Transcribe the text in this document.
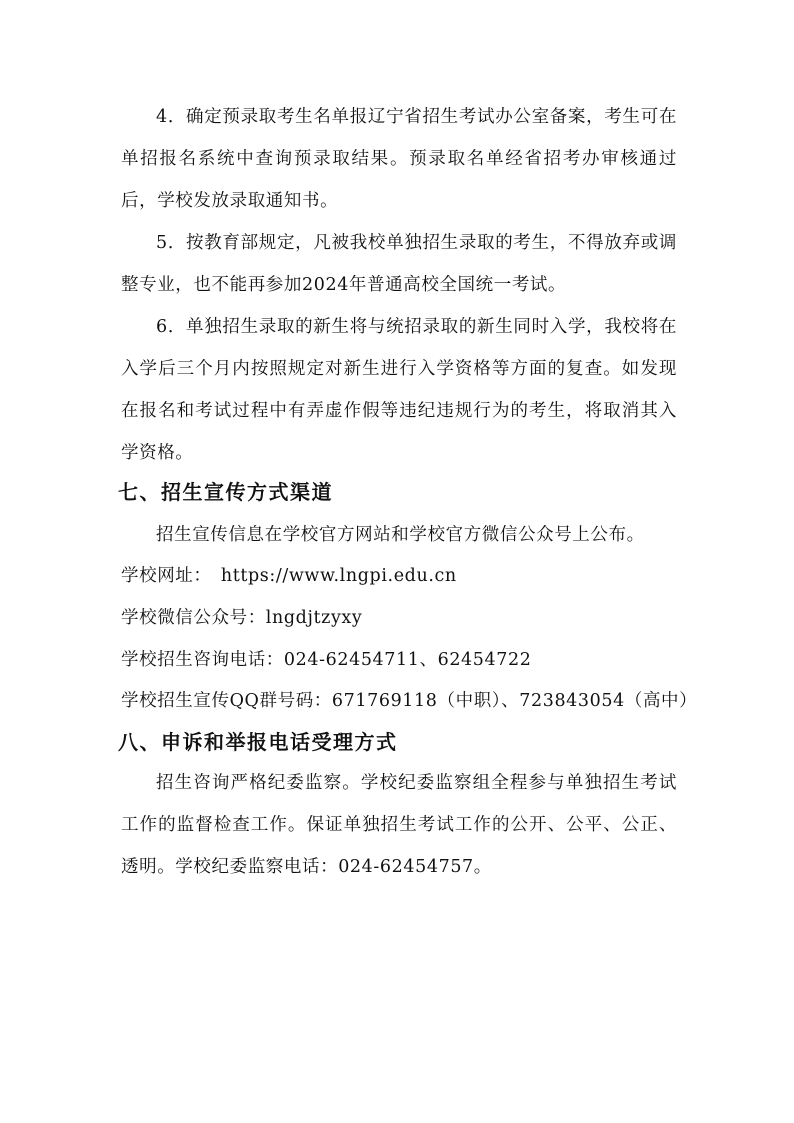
4．确定预录取考生名单报辽宁省招生考试办公室备案，考生可在单招报名系统中查询预录取结果。预录取名单经省招考办审核通过后，学校发放录取通知书。

5．按教育部规定，凡被我校单独招生录取的考生，不得放弃或调整专业，也不能再参加2024年普通高校全国统一考试。

6．单独招生录取的新生将与统招录取的新生同时入学，我校将在入学后三个月内按照规定对新生进行入学资格等方面的复查。如发现在报名和考试过程中有弄虚作假等违纪违规行为的考生，将取消其入学资格。

七、招生宣传方式渠道

招生宣传信息在学校官方网站和学校官方微信公众号上公布。

学校网址：　https://www.lngpi.edu.cn

学校微信公众号：lngdjtzyxy

学校招生咨询电话：024-62454711、62454722

学校招生宣传QQ群号码：671769118（中职）、723843054（高中）

八、申诉和举报电话受理方式

招生咨询严格纪委监察。学校纪委监察组全程参与单独招生考试工作的监督检查工作。保证单独招生考试工作的公开、公平、公正、透明。学校纪委监察电话：024-62454757。
